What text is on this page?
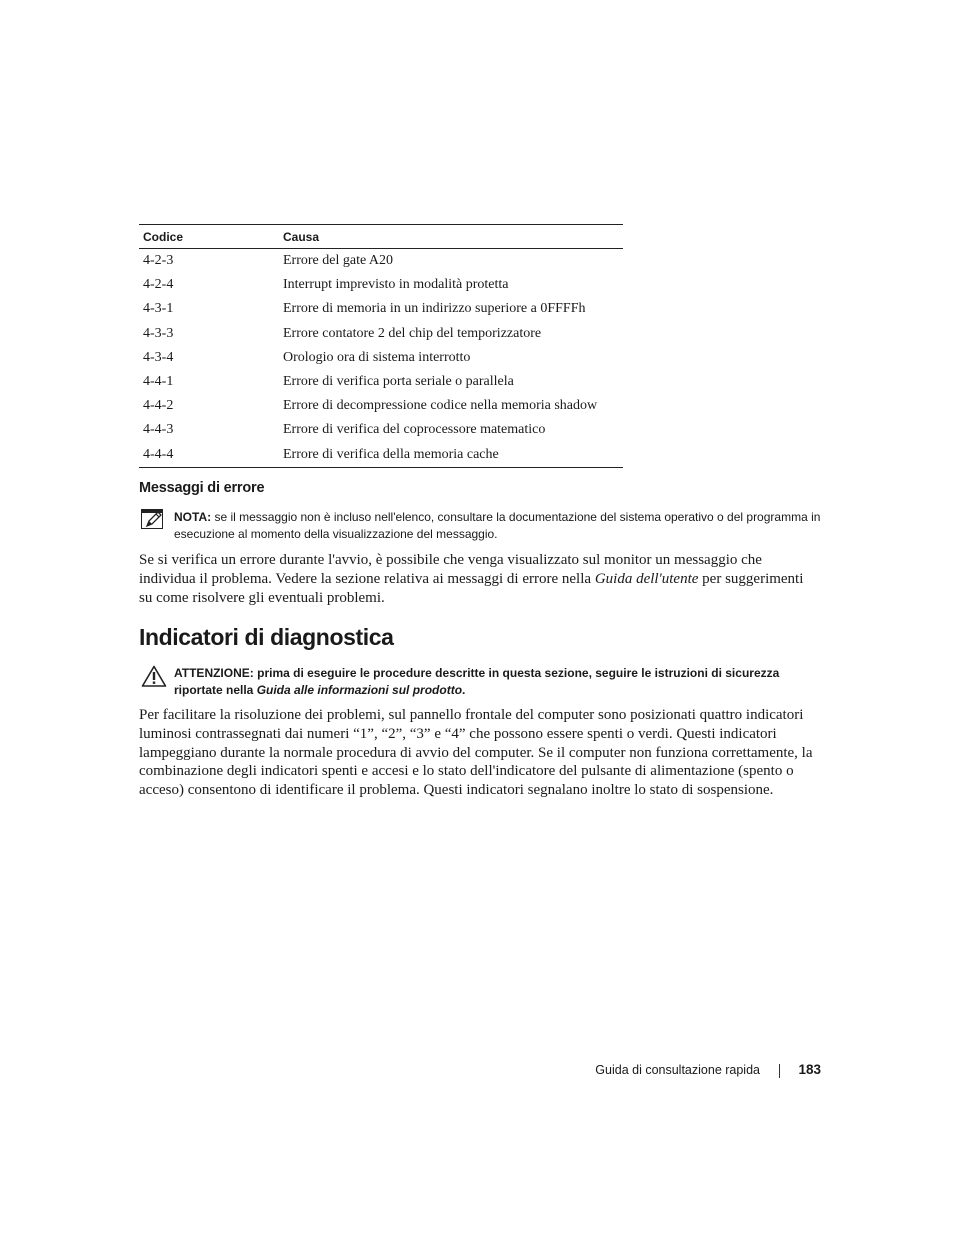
Codice	Causa
4-2-3	Errore del gate A20
4-2-4	Interrupt imprevisto in modalità protetta
4-3-1	Errore di memoria in un indirizzo superiore a 0FFFFh
4-3-3	Errore contatore 2 del chip del temporizzatore
4-3-4	Orologio ora di sistema interrotto
4-4-1	Errore di verifica porta seriale o parallela
4-4-2	Errore di decompressione codice nella memoria shadow
4-4-3	Errore di verifica del coprocessore matematico
4-4-4	Errore di verifica della memoria cache
Messaggi di errore
NOTA: se il messaggio non è incluso nell'elenco, consultare la documentazione del sistema operativo o del programma in esecuzione al momento della visualizzazione del messaggio.

Se si verifica un errore durante l'avvio, è possibile che venga visualizzato sul monitor un messaggio che individua il problema. Vedere la sezione relativa ai messaggi di errore nella Guida dell'utente per suggerimenti su come risolvere gli eventuali problemi.

Indicatori di diagnostica
ATTENZIONE: prima di eseguire le procedure descritte in questa sezione, seguire le istruzioni di sicurezza riportate nella Guida alle informazioni sul prodotto.

Per facilitare la risoluzione dei problemi, sul pannello frontale del computer sono posizionati quattro indicatori luminosi contrassegnati dai numeri “1”, “2”, “3” e “4” che possono essere spenti o verdi. Questi indicatori lampeggiano durante la normale procedura di avvio del computer. Se il computer non funziona correttamente, la combinazione degli indicatori spenti e accesi e lo stato dell'indicatore del pulsante di alimentazione (spento o acceso) consentono di identificare il problema. Questi indicatori segnalano inoltre lo stato di sospensione.

Guida di consultazione rapida	183
